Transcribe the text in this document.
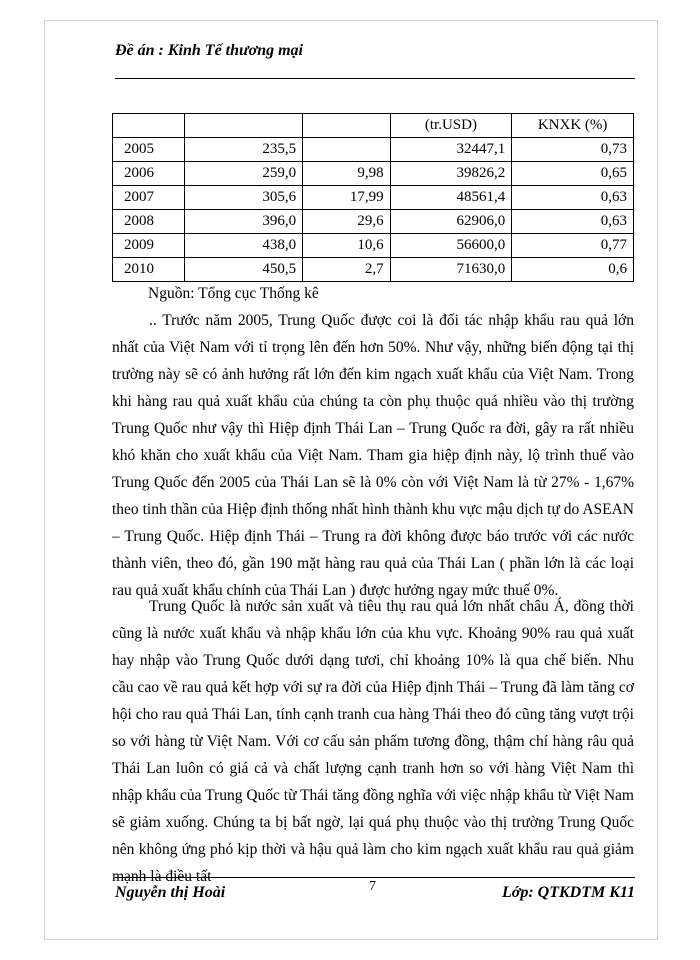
Đề án : Kinh Tế thương mại
			(tr.USD)	KNXK (%)
2005	235,5		32447,1	0,73
2006	259,0	9,98	39826,2	0,65
2007	305,6	17,99	48561,4	0,63
2008	396,0	29,6	62906,0	0,63
2009	438,0	10,6	56600,0	0,77
2010	450,5	2,7	71630,0	0,6
Nguồn: Tổng cục Thống kê

.. Trước năm 2005, Trung Quốc được coi là đối tác nhập khẩu rau quả lớn nhất của Việt Nam với tỉ trọng lên đến hơn 50%. Như vậy, những biến động tại thị trường này sẽ có ảnh hưởng rất lớn đến kim ngạch xuất khẩu của Việt Nam. Trong khi hàng rau quả xuất khẩu của chúng ta còn phụ thuộc quá nhiều vào thị trường Trung Quốc như vậy thì Hiệp định Thái Lan – Trung Quốc ra đời, gây ra rất nhiều khó khăn cho xuất khẩu của Việt Nam. Tham gia hiệp định này, lộ trình thuế vào Trung Quốc đến 2005 của Thái Lan sẽ là 0% còn với Việt Nam là từ 27% - 1,67% theo tinh thần của Hiệp định thống nhất hình thành khu vực mậu dịch tự do ASEAN – Trung Quốc. Hiệp định Thái – Trung ra đời không được báo trước với các nước thành viên, theo đó, gần 190 mặt hàng rau quả của Thái Lan ( phần lớn là các loại rau quả xuất khẩu chính của Thái Lan ) được hưởng ngay mức thuế 0%.

Trung Quốc là nước sản xuất và tiêu thụ rau quả lớn nhất châu Á, đồng thời cũng là nước xuất khẩu và nhập khẩu lớn của khu vực. Khoảng 90% rau quả xuất hay nhập vào Trung Quốc dưới dạng tươi, chỉ khoảng 10% là qua chế biến. Nhu cầu cao về rau quả kết hợp với sự ra đời của Hiệp định Thái – Trung đã làm tăng cơ hội cho rau quả Thái Lan, tính cạnh tranh cua hàng Thái theo đó cũng tăng vượt trội so với hàng từ Việt Nam. Với cơ cấu sản phẩm tương đồng, thậm chí hàng râu quả Thái Lan luôn có giá cả và chất lượng cạnh tranh hơn so với hàng Việt Nam thì nhập khẩu của Trung Quốc từ Thái tăng đồng nghĩa với việc nhập khẩu từ Việt Nam sẽ giảm xuống. Chúng ta bị bất ngờ, lại quá phụ thuộc vào thị trường Trung Quốc nên không ứng phó kịp thời và hậu quả làm cho kim ngạch xuất khẩu rau quả giảm mạnh là điều tất

Nguyễn thị Hoài	7	Lớp: QTKDTM K11
